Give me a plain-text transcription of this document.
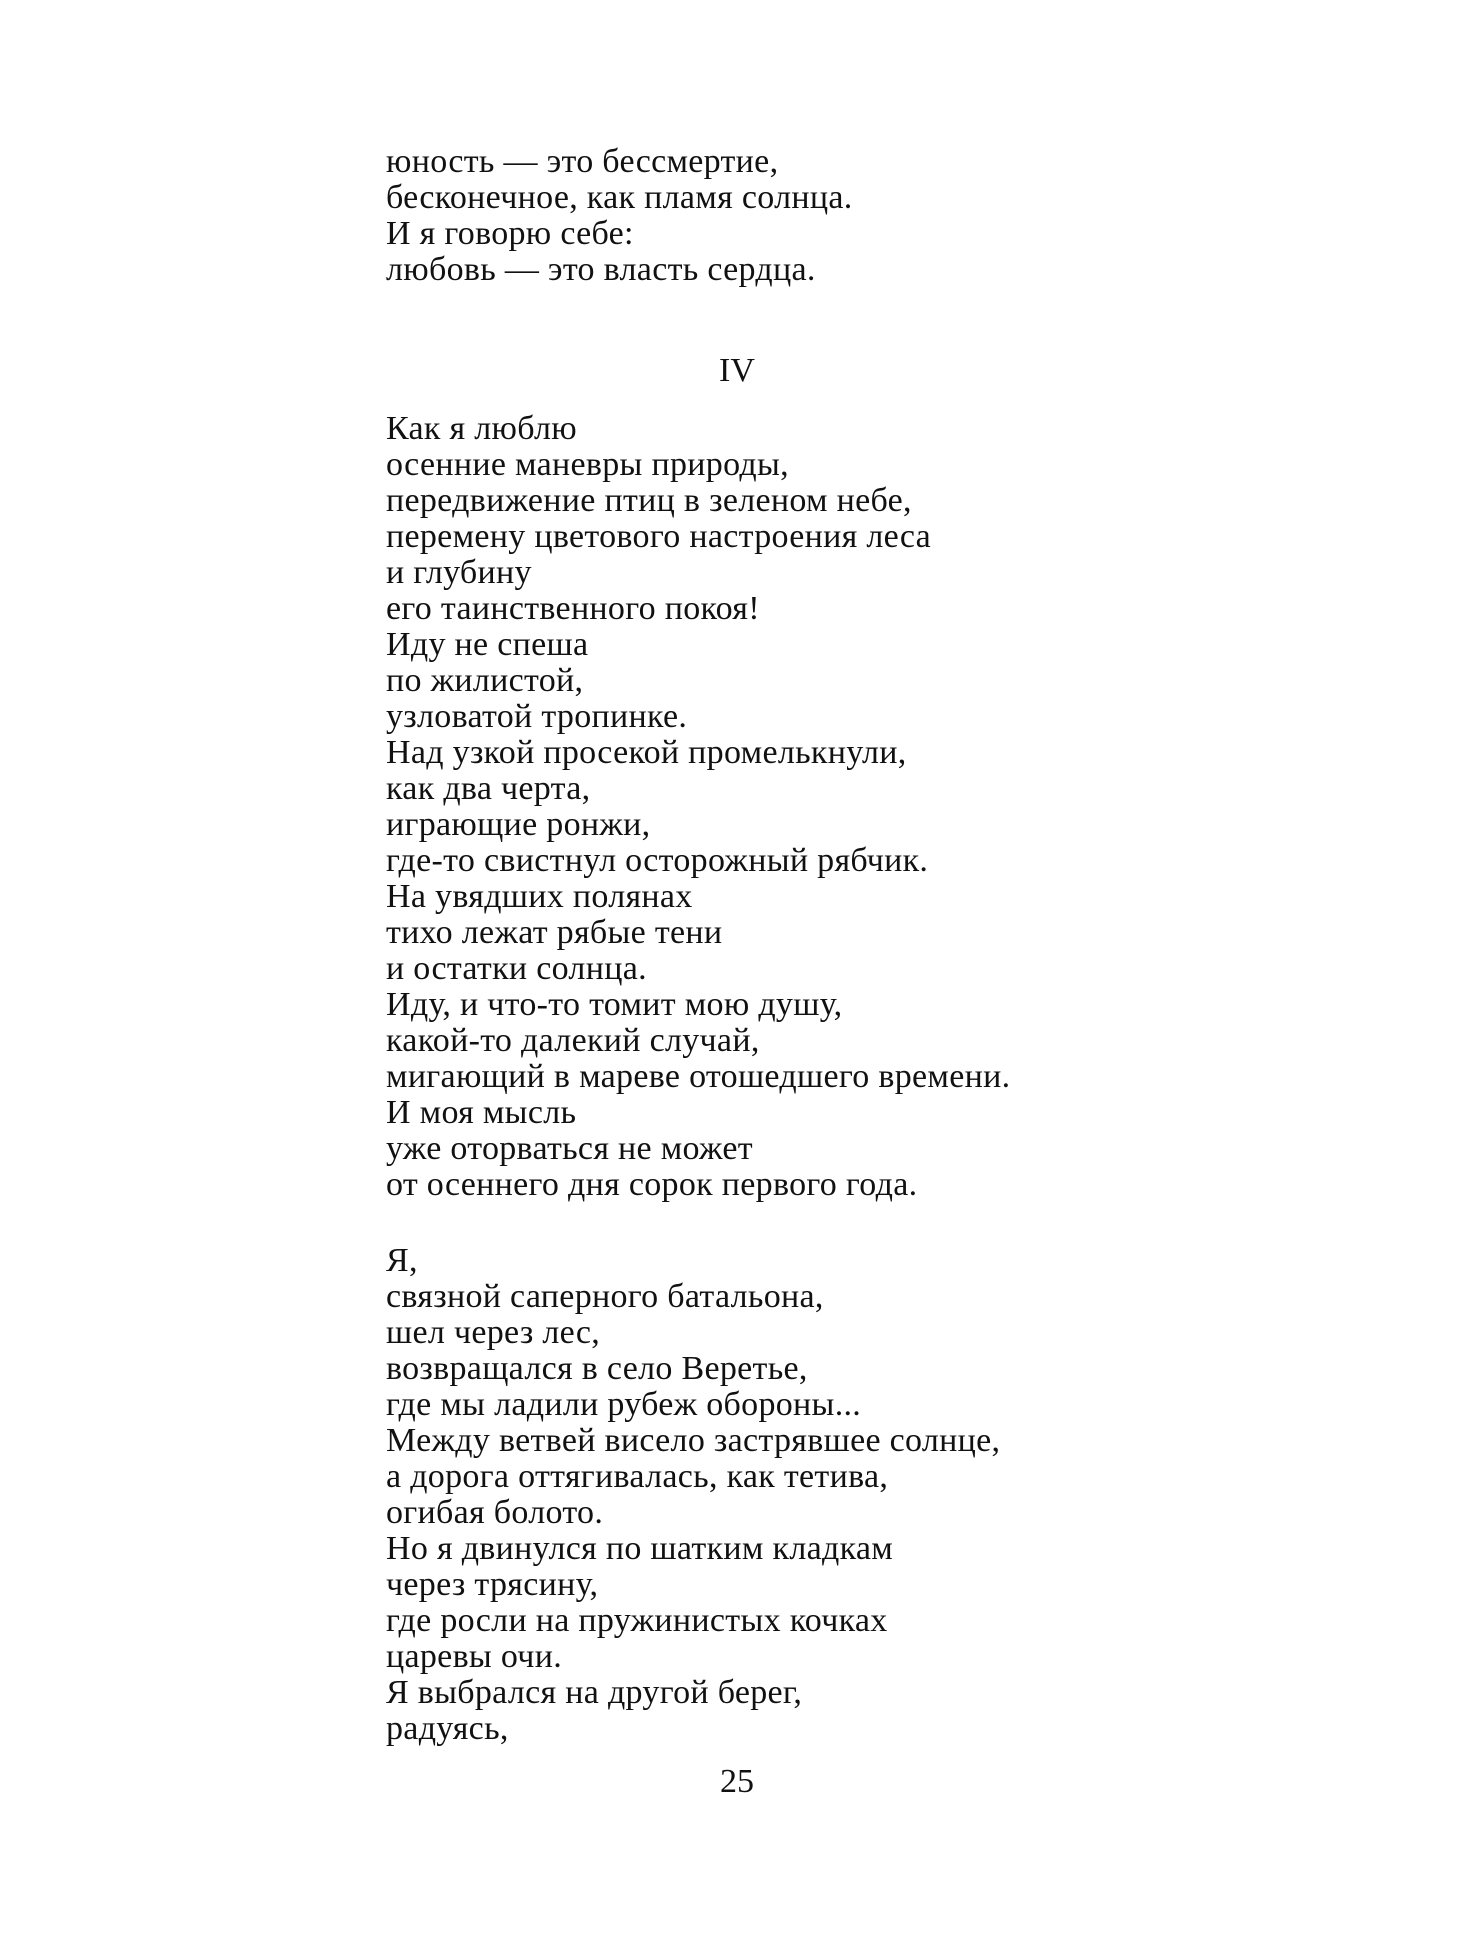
юность — это бессмертие,
бесконечное, как пламя солнца.
И я говорю себе:
любовь — это власть сердца.
IV
Как я люблю
осенние маневры природы,
передвижение птиц в зеленом небе,
перемену цветового настроения леса
и глубину
его таинственного покоя!
Иду не спеша
по жилистой,
узловатой тропинке.
Над узкой просекой промелькнули,
как два черта,
играющие ронжи,
где-то свистнул осторожный рябчик.
На увядших полянах
тихо лежат рябые тени
и остатки солнца.
Иду, и что-то томит мою душу,
какой-то далекий случай,
мигающий в мареве отошедшего времени.
И моя мысль
уже оторваться не может
от осеннего дня сорок первого года.
Я,
связной саперного батальона,
шел через лес,
возвращался в село Веретье,
где мы ладили рубеж обороны...
Между ветвей висело застрявшее солнце,
а дорога оттягивалась, как тетива,
огибая болото.
Но я двинулся по шатким кладкам
через трясину,
где росли на пружинистых кочках
царевы очи.
Я выбрался на другой берег,
радуясь,
25
